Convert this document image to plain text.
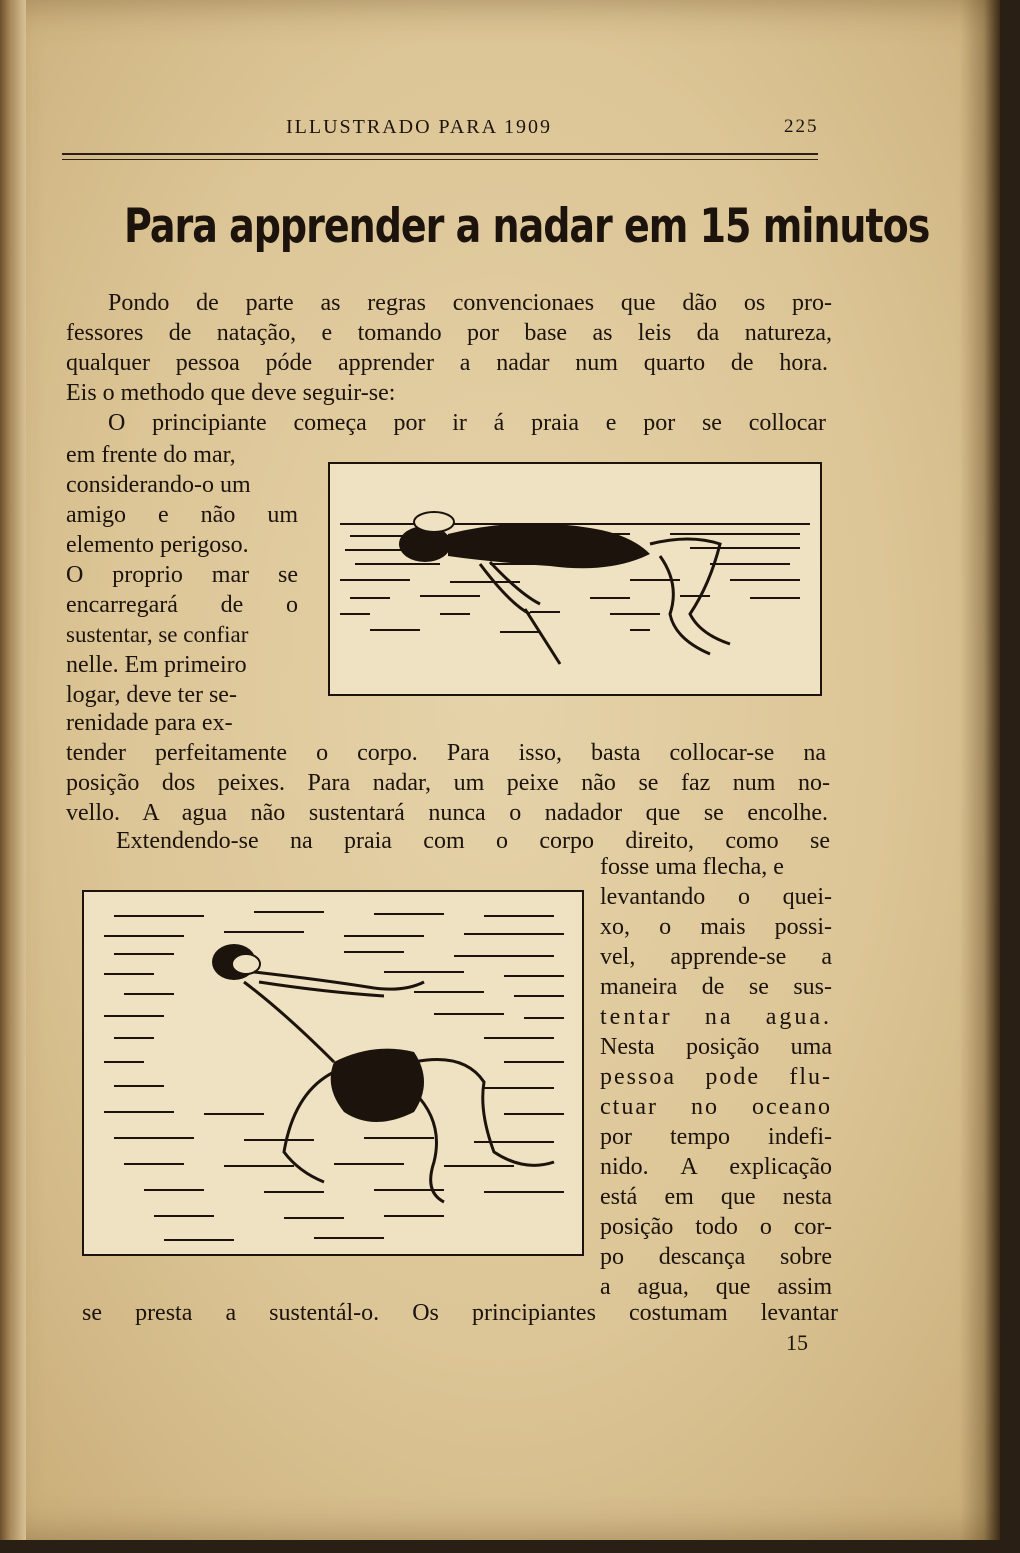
ILLUSTRADO PARA 1909	225
Para apprender a nadar em 15 minutos
Pondo de parte as regras convencionaes que dão os pro-
fessores de natação, e tomando por base as leis da natureza,
qualquer pessoa póde apprender a nadar num quarto de hora.
Eis o methodo que deve seguir-se:
O principiante começa por ir á praia e por se collocar
em frente do mar,
considerando-o um
amigo e não um
elemento perigoso.
O proprio mar se
encarregará de o
sustentar, se confiar
nelle. Em primeiro
logar, deve ter se-
renidade para ex-
tender perfeitamente o corpo. Para isso, basta collocar-se na
posição dos peixes. Para nadar, um peixe não se faz num no-
vello. A agua não sustentará nunca o nadador que se encolhe.
Extendendo-se na praia com o corpo direito, como se
fosse uma flecha, e
levantando o quei-
xo, o mais possi-
vel, apprende-se a
maneira de se sus-
tentar na agua.
Nesta posição uma
pessoa pode flu-
ctuar no oceano
por tempo indefi-
nido. A explicação
está em que nesta
posição todo o cor-
po descança sobre
a agua, que assim
se presta a sustentál-o. Os principiantes costumam levantar
15
